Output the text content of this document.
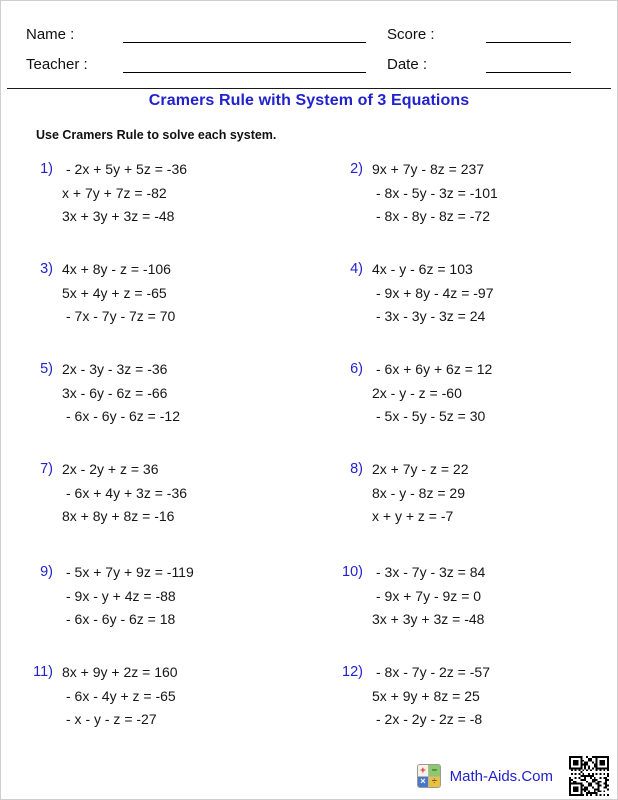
Name :
Teacher :
Score :
Date :
Cramers Rule with System of 3 Equations
Use Cramers Rule to solve each system.
1) - 2x + 5y + 5z = -36
x + 7y + 7z = -82
3x + 3y + 3z = -48
2) 9x + 7y - 8z = 237
- 8x - 5y - 3z = -101
- 8x - 8y - 8z = -72
3) 4x + 8y - z = -106
5x + 4y + z = -65
- 7x - 7y - 7z = 70
4) 4x - y - 6z = 103
- 9x + 8y - 4z = -97
- 3x - 3y - 3z = 24
5) 2x - 3y - 3z = -36
3x - 6y - 6z = -66
- 6x - 6y - 6z = -12
6) - 6x + 6y + 6z = 12
2x - y - z = -60
- 5x - 5y - 5z = 30
7) 2x - 2y + z = 36
- 6x + 4y + 3z = -36
8x + 8y + 8z = -16
8) 2x + 7y - z = 22
8x - y - 8z = 29
x + y + z = -7
9) - 5x + 7y + 9z = -119
- 9x - y + 4z = -88
- 6x - 6y - 6z = 18
10) - 3x - 7y - 3z = 84
- 9x + 7y - 9z = 0
3x + 3y + 3z = -48
11) 8x + 9y + 2z = 160
- 6x - 4y + z = -65
- x - y - z = -27
12) - 8x - 7y - 2z = -57
5x + 9y + 8z = 25
- 2x - 2y - 2z = -8
+ −
× ÷ Math-Aids.Com
